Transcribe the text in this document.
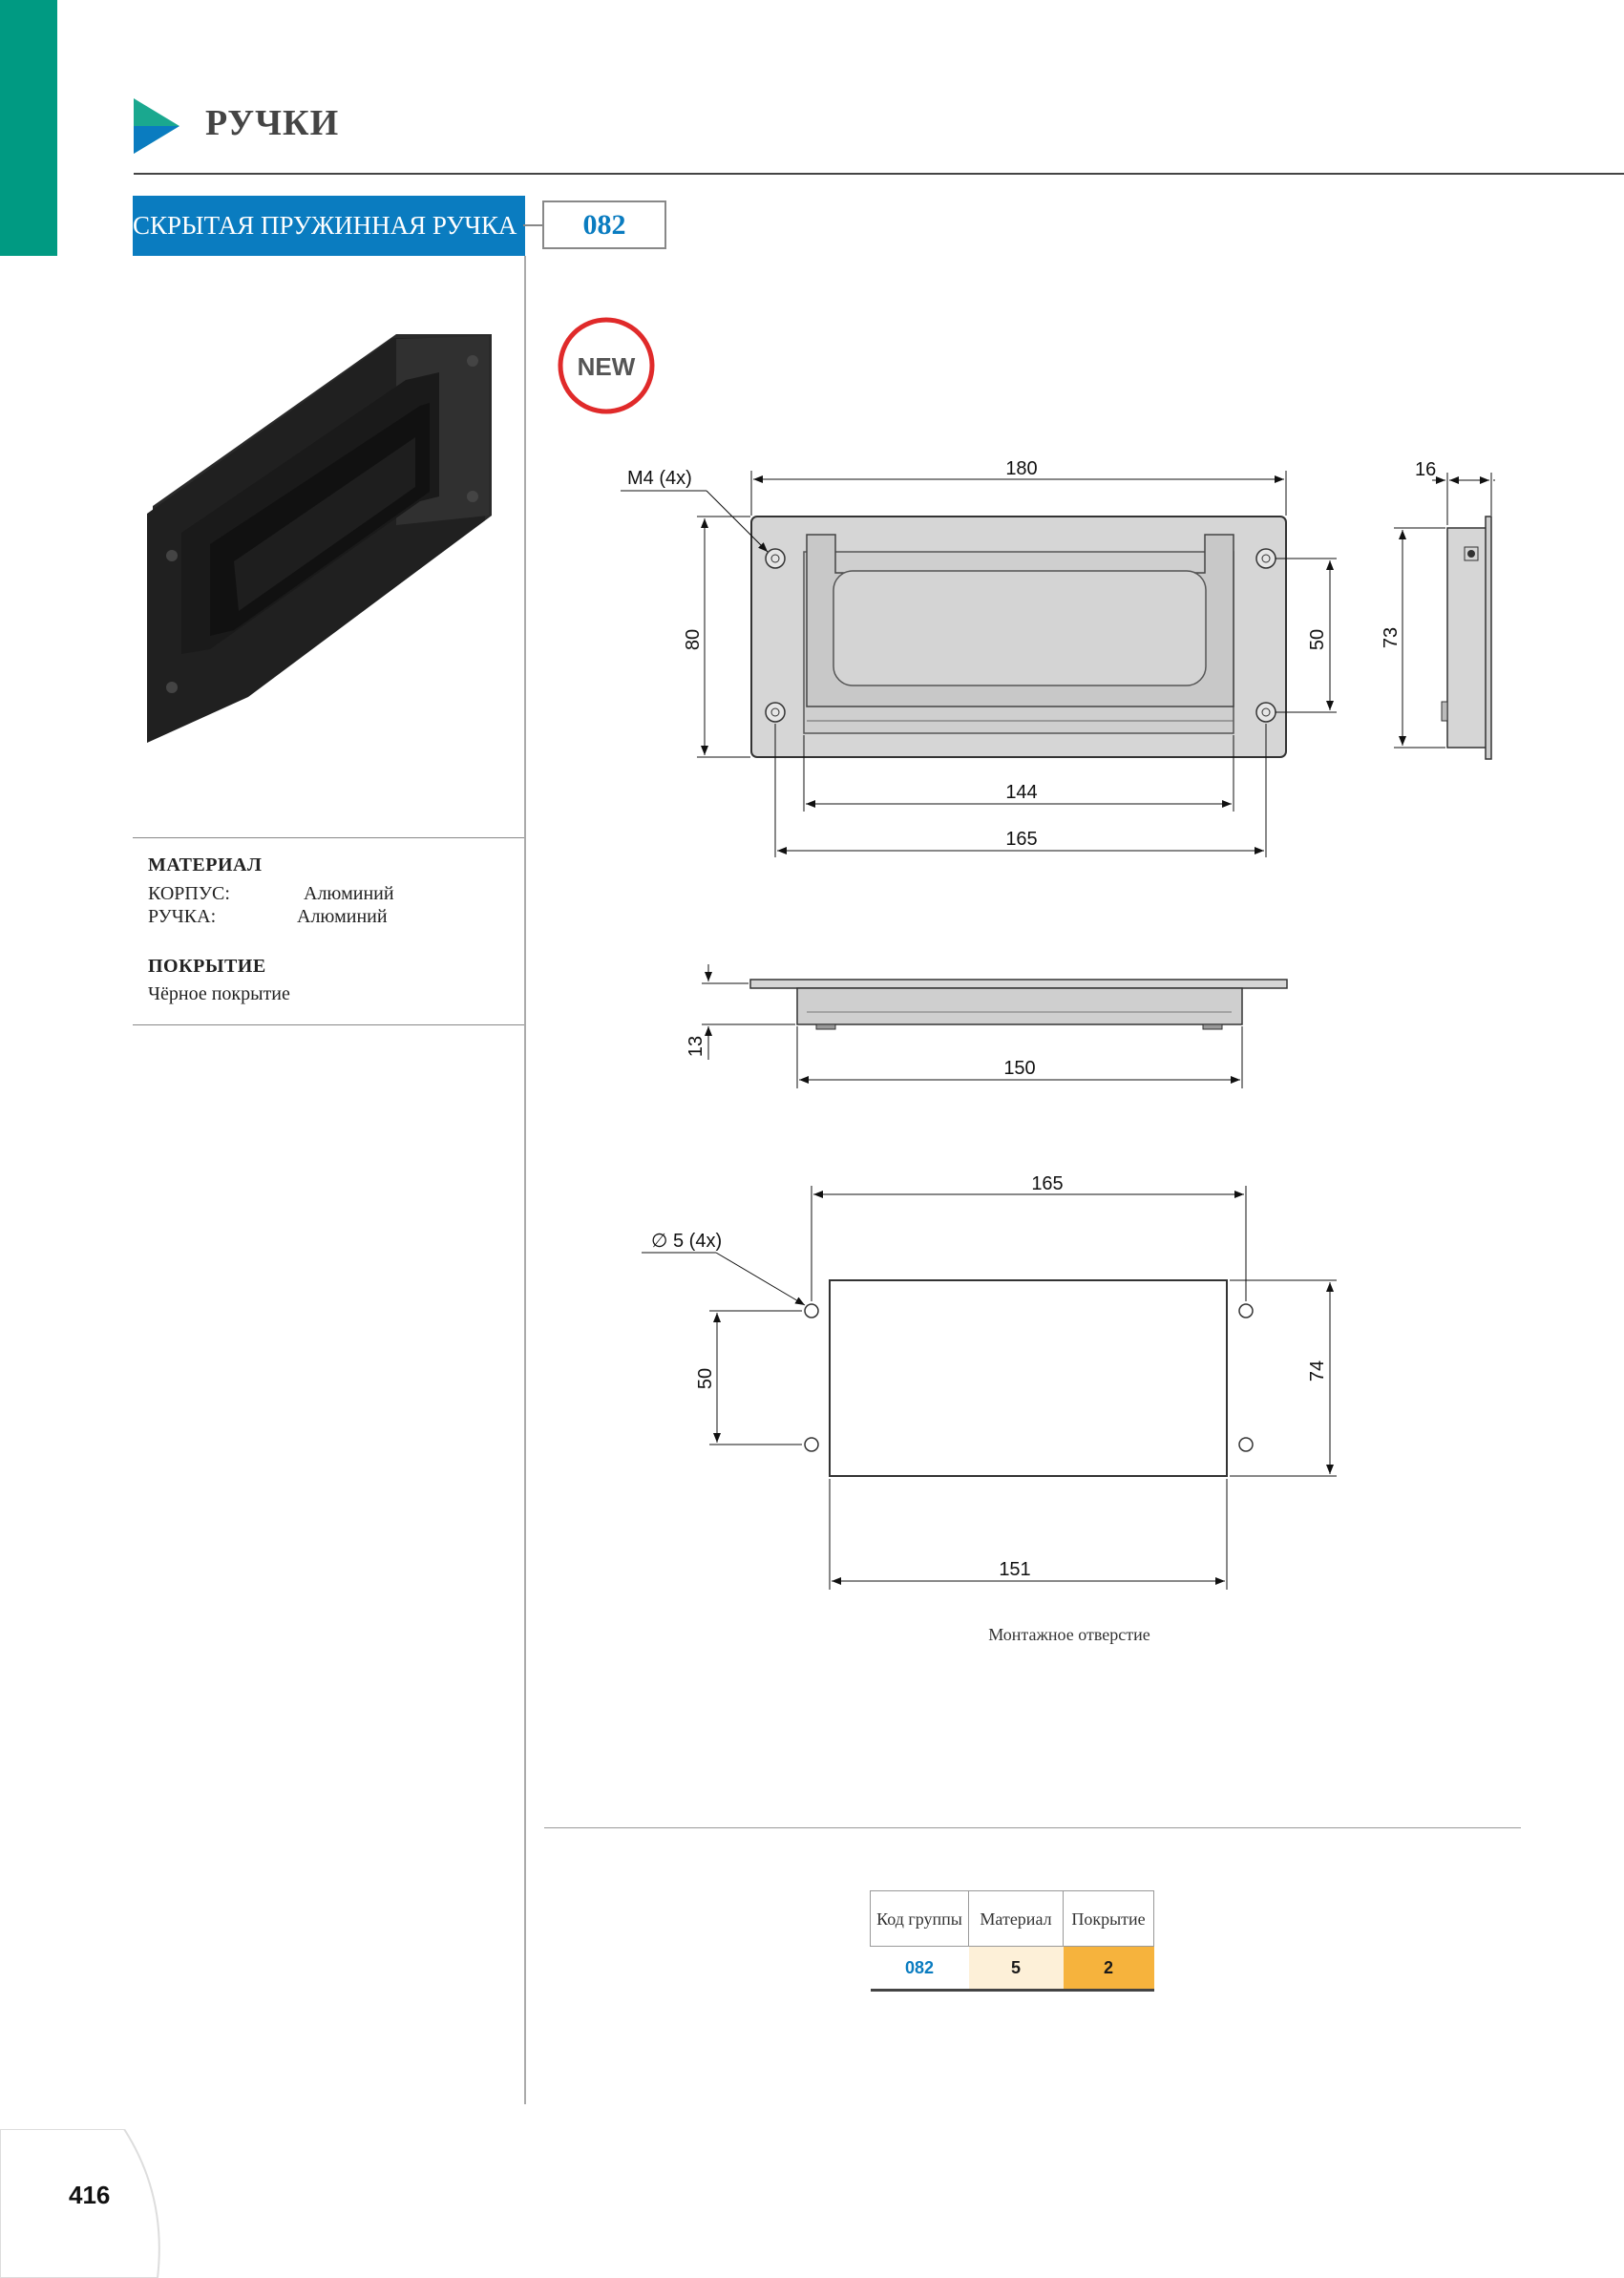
РУЧКИ
СКРЫТАЯ ПРУЖИННАЯ РУЧКА	082
МАТЕРИАЛ
КОРПУС:	Алюминий
РУЧКА:	Алюминий
ПОКРЫТИЕ
Чёрное покрытие
NEW
180
M4 (4x)
80	50
144
165
16
73
13
150
165
∅ 5 (4x)
50	74
151
Монтажное отверстие
Код группы	Материал	Покрытие
082	5	2
416
